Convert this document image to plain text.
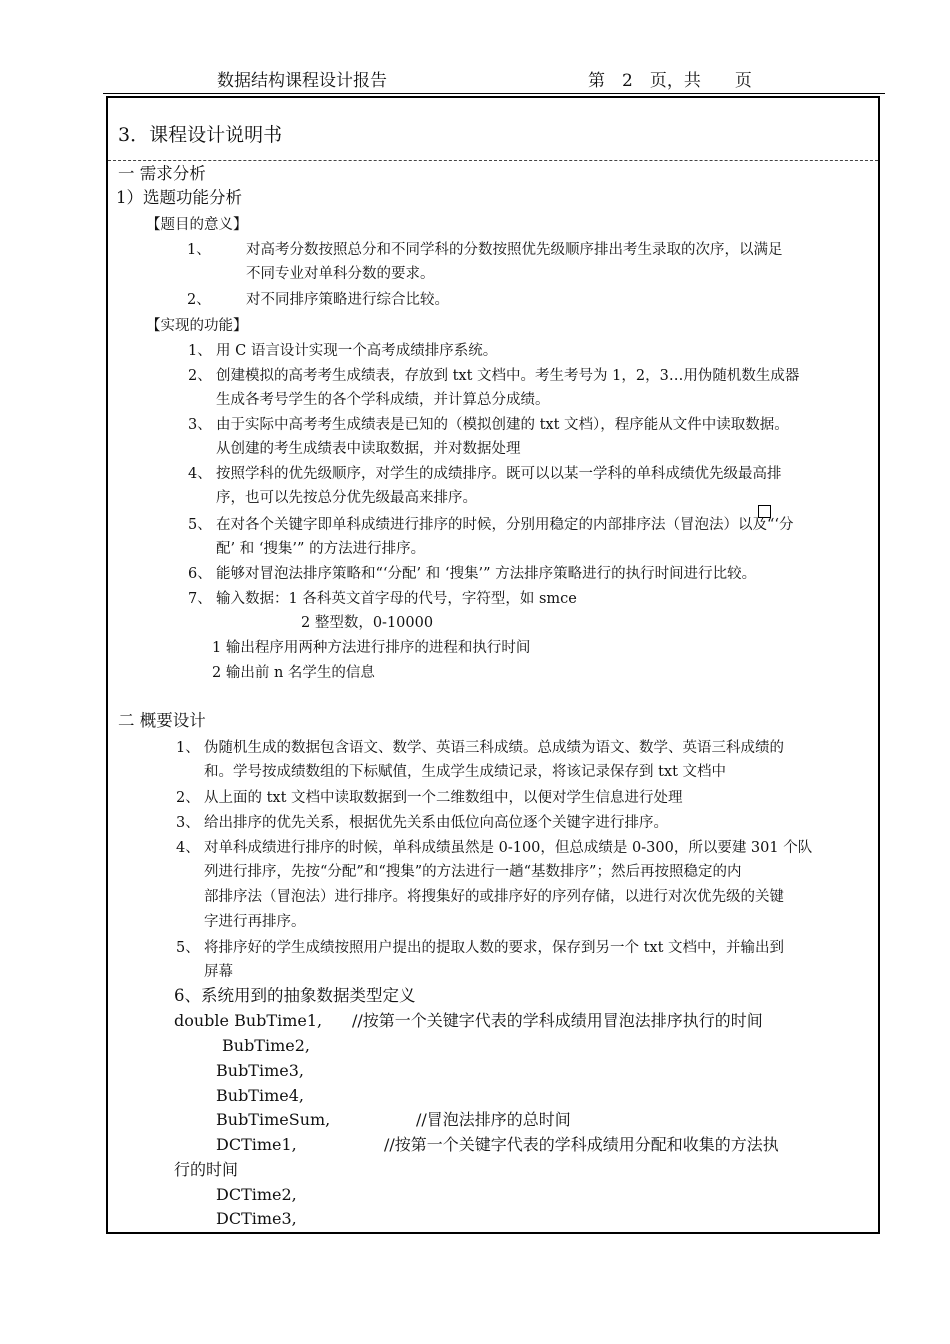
数据结构课程设计报告	第　2　页，共　　页
3．课程设计说明书
一 需求分析
1）选题功能分析
【题目的意义】
1、 对高考分数按照总分和不同学科的分数按照优先级顺序排出考生录取的次序，以满足
不同专业对单科分数的要求。
2、 对不同排序策略进行综合比较。
【实现的功能】
1、 用 C 语言设计实现一个高考成绩排序系统。
2、 创建模拟的高考考生成绩表，存放到 txt 文档中。考生考号为 1，2，3…用伪随机数生成器
生成各考号学生的各个学科成绩，并计算总分成绩。
3、 由于实际中高考考生成绩表是已知的（模拟创建的 txt 文档），程序能从文件中读取数据。
从创建的考生成绩表中读取数据，并对数据处理
4、 按照学科的优先级顺序，对学生的成绩排序。既可以以某一学科的单科成绩优先级最高排
序，也可以先按总分优先级最高来排序。
5、 在对各个关键字即单科成绩进行排序的时候，分别用稳定的内部排序法（冒泡法）以及“‘分
配’ 和 ‘搜集’” 的方法进行排序。
6、 能够对冒泡法排序策略和“‘分配’ 和 ‘搜集’” 方法排序策略进行的执行时间进行比较。
7、 输入数据：1 各科英文首字母的代号，字符型，如 smce
2 整型数，0-10000
1 输出程序用两种方法进行排序的进程和执行时间
2 输出前 n 名学生的信息
二 概要设计
1、 伪随机生成的数据包含语文、数学、英语三科成绩。总成绩为语文、数学、英语三科成绩的
和。学号按成绩数组的下标赋值，生成学生成绩记录，将该记录保存到 txt 文档中
2、 从上面的 txt 文档中读取数据到一个二维数组中，以便对学生信息进行处理
3、 给出排序的优先关系，根据优先关系由低位向高位逐个关键字进行排序。
4、 对单科成绩进行排序的时候，单科成绩虽然是 0-100，但总成绩是 0-300，所以要建 301 个队
列进行排序，先按“分配”和“搜集”的方法进行一趟“基数排序”；然后再按照稳定的内
部排序法（冒泡法）进行排序。将搜集好的或排序好的序列存储，以进行对次优先级的关键
字进行再排序。
5、 将排序好的学生成绩按照用户提出的提取人数的要求，保存到另一个 txt 文档中，并输出到
屏幕
6、系统用到的抽象数据类型定义
double BubTime1, //按第一个关键字代表的学科成绩用冒泡法排序执行的时间
BubTime2,
BubTime3,
BubTime4,
BubTimeSum,	//冒泡法排序的总时间
DCTime1,	//按第一个关键字代表的学科成绩用分配和收集的方法执
行的时间
DCTime2,
DCTime3,
